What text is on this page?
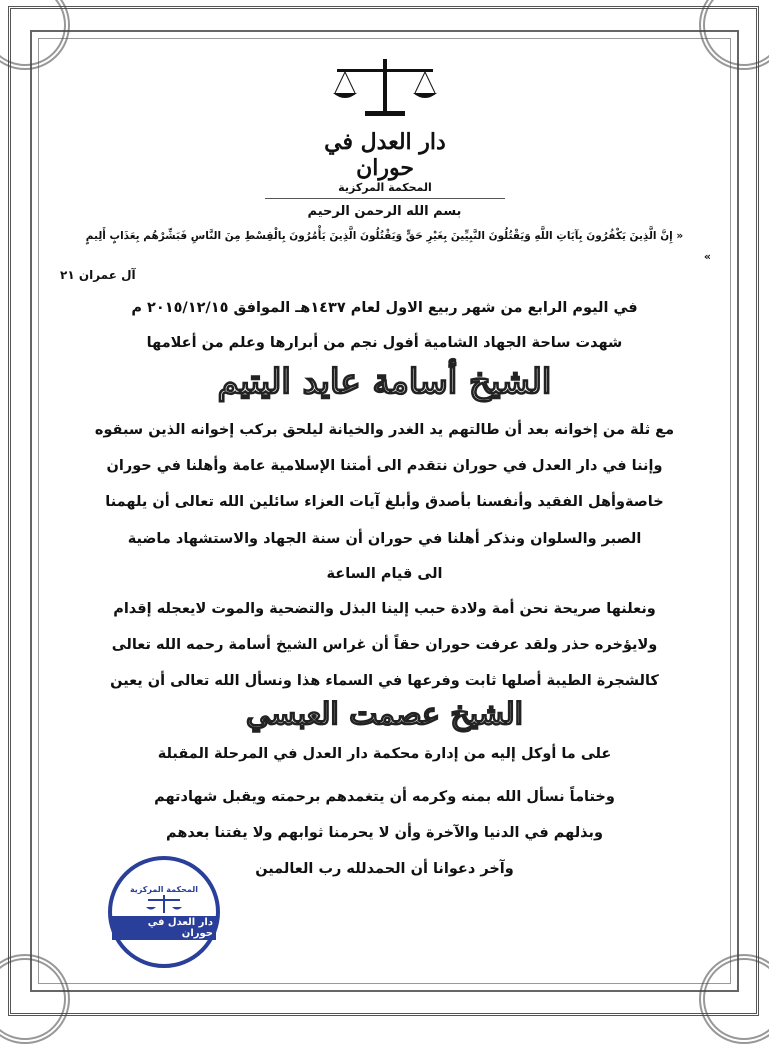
دار العدل في حوران
المحكمة المركزية
بسم الله الرحمن الرحيم
« إِنَّ الَّذِينَ يَكْفُرُونَ بِآيَاتِ اللَّهِ وَيَقْتُلُونَ النَّبِيِّينَ بِغَيْرِ حَقٍّ وَيَقْتُلُونَ الَّذِينَ يَأْمُرُونَ بِالْقِسْطِ مِنَ النَّاسِ فَبَشِّرْهُم بِعَذَابٍ أَلِيمٍ
»
آل عمران ٢١
في اليوم الرابع من شهر ربيع الاول لعام ١٤٣٧هـ الموافق ٢٠١٥/١٢/١٥ م
شهدت ساحة الجهاد الشامية أفول نجم من أبرارها وعلم من أعلامها
الشيخ أسامة عايد اليتيم
مع ثلة من إخوانه بعد أن طالتهم يد الغدر والخيانة ليلحق بركب إخوانه الذين سبقوه
وإننا في دار العدل في حوران نتقدم الى أمتنا الإسلامية عامة وأهلنا في حوران
خاصةوأهل الفقيد وأنفسنا بأصدق وأبلغ آيات العزاء سائلين الله تعالى أن يلهمنا
الصبر والسلوان ونذكر أهلنا في حوران أن سنة الجهاد والاستشهاد ماضية
الى قيام الساعة
ونعلنها صريحة نحن أمة ولادة حبب إلينا البذل والتضحية والموت لايعجله إقدام
ولايؤخره حذر ولقد عرفت حوران حقاً أن غراس الشيخ أسامة رحمه الله تعالى
كالشجرة الطيبة أصلها ثابت وفرعها في السماء هذا ونسأل الله تعالى أن يعين
الشيخ عصمت العبسي
على ما أوكل إليه من إدارة محكمة دار العدل في المرحلة المقبلة
وختاماً نسأل الله بمنه وكرمه أن يتغمدهم برحمته ويقبل شهادتهم
وبذلهم في الدنيا والآخرة وأن لا يحرمنا ثوابهم ولا يفتنا بعدهم
وآخر دعوانا أن الحمدلله رب العالمين
المحكمة المركزية
دار العدل في حوران
